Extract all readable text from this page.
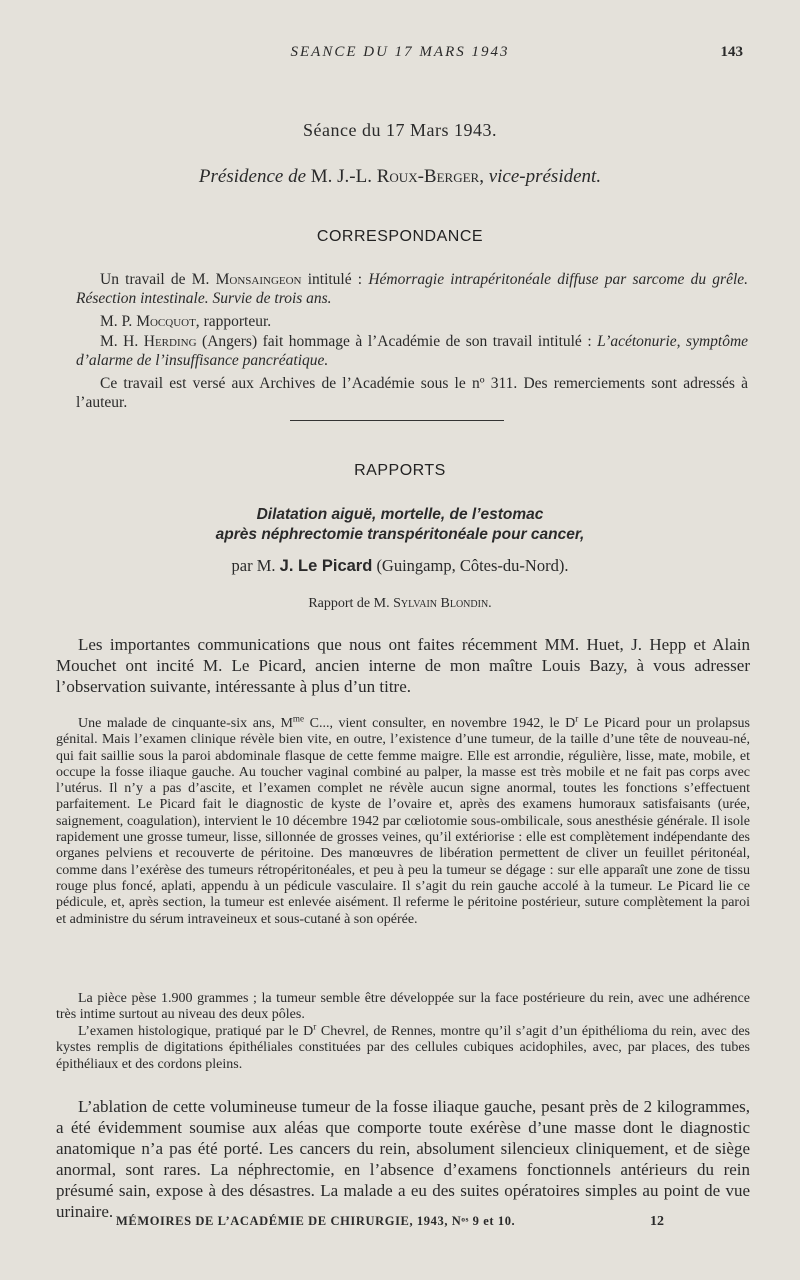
SEANCE DU 17 MARS 1943	143
Séance du 17 Mars 1943.
Présidence de M. J.-L. Roux-Berger, vice-président.
CORRESPONDANCE
Un travail de M. Monsaingeon intitulé : Hémorragie intrapéritonéale diffuse par sarcome du grêle. Résection intestinale. Survie de trois ans.
M. P. Mocquot, rapporteur.
M. H. Herding (Angers) fait hommage à l’Académie de son travail intitulé : L’acétonurie, symptôme d’alarme de l’insuffisance pancréatique.
Ce travail est versé aux Archives de l’Académie sous le nº 311. Des remerciements sont adressés à l’auteur.
RAPPORTS
Dilatation aiguë, mortelle, de l’estomac
après néphrectomie transpéritonéale pour cancer,
par M. J. Le Picard (Guingamp, Côtes-du-Nord).
Rapport de M. Sylvain Blondin.
Les importantes communications que nous ont faites récemment MM. Huet, J. Hepp et Alain Mouchet ont incité M. Le Picard, ancien interne de mon maître Louis Bazy, à vous adresser l’observation suivante, intéressante à plus d’un titre.
Une malade de cinquante-six ans, $M^{me}$ C..., vient consulter, en novembre 1942, le $D^r$ Le Picard pour un prolapsus génital. Mais l’examen clinique révèle bien vite, en outre, l’existence d’une tumeur, de la taille d’une tête de nouveau-né, qui fait saillie sous la paroi abdominale flasque de cette femme maigre. Elle est arrondie, régulière, lisse, mate, mobile, et occupe la fosse iliaque gauche. Au toucher vaginal combiné au palper, la masse est très mobile et ne fait pas corps avec l’utérus. Il n’y a pas d’ascite, et l’examen complet ne révèle aucun signe anormal, toutes les fonctions s’effectuent parfaitement. Le Picard fait le diagnostic de kyste de l’ovaire et, après des examens humoraux satisfaisants (urée, saignement, coagulation), intervient le 10 décembre 1942 par cœliotomie sous-ombilicale, sous anesthésie générale. Il isole rapidement une grosse tumeur, lisse, sillonnée de grosses veines, qu’il extériorise : elle est complètement indépendante des organes pelviens et recouverte de péritoine. Des manœuvres de libération permettent de cliver un feuillet péritonéal, comme dans l’exérèse des tumeurs rétropéritonéales, et peu à peu la tumeur se dégage : sur elle apparaît une zone de tissu rouge plus foncé, aplati, appendu à un pédicule vasculaire. Il s’agit du rein gauche accolé à la tumeur. Le Picard lie ce pédicule, et, après section, la tumeur est enlevée aisément. Il referme le péritoine postérieur, suture complètement la paroi et administre du sérum intraveineux et sous-cutané à son opérée.
La pièce pèse 1.900 grammes ; la tumeur semble être développée sur la face postérieure du rein, avec une adhérence très intime surtout au niveau des deux pôles.
L’examen histologique, pratiqué par le $D^r$ Chevrel, de Rennes, montre qu’il s’agit d’un épithélioma du rein, avec des kystes remplis de digitations épithéliales constituées par des cellules cubiques acidophiles, avec, par places, des tubes épithéliaux et des cordons pleins.
L’ablation de cette volumineuse tumeur de la fosse iliaque gauche, pesant près de 2 kilogrammes, a été évidemment soumise aux aléas que comporte toute exérèse d’une masse dont le diagnostic anatomique n’a pas été porté. Les cancers du rein, absolument silencieux cliniquement, et de siège anormal, sont rares. La néphrectomie, en l’absence d’examens fonctionnels antérieurs du rein présumé sain, expose à des désastres. La malade a eu des suites opératoires simples au point de vue urinaire. MÉMOIRES DE L’ACADÉMIE DE CHIRURGIE, 1943, Nᵒˢ 9 et 10.	12
